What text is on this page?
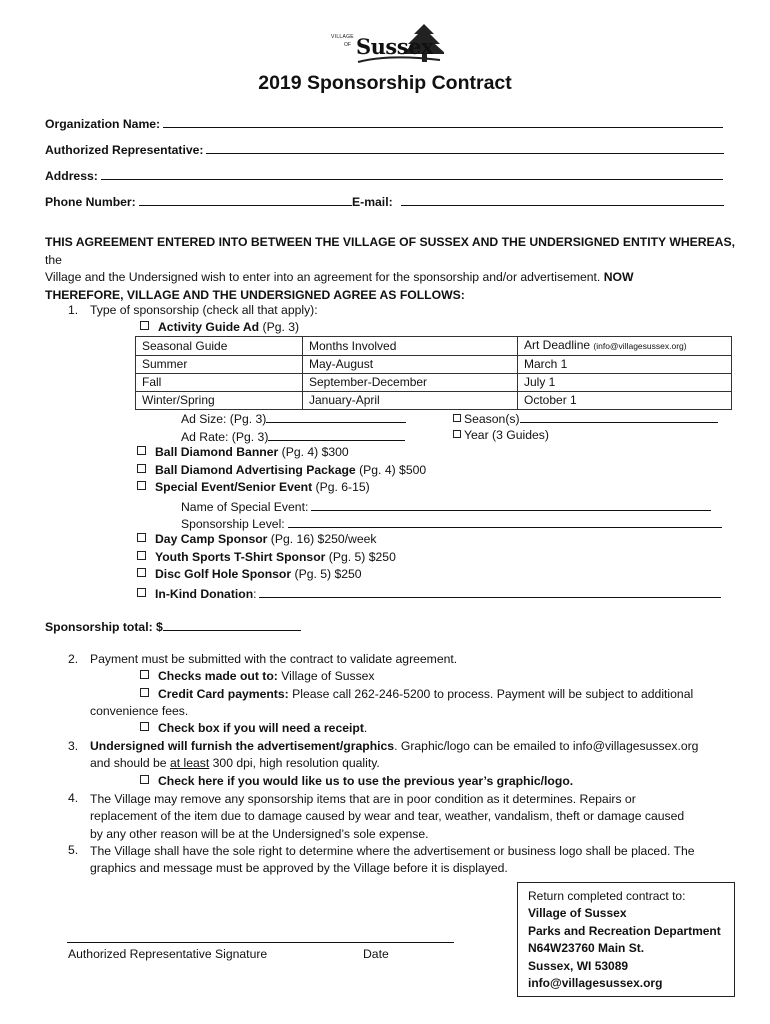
VILLAGE
OF Sussex
2019 Sponsorship Contract
Organization Name:
Authorized Representative:
Address:
Phone Number:	E-mail:
THIS AGREEMENT ENTERED INTO BETWEEN THE VILLAGE OF SUSSEX AND THE UNDERSIGNED ENTITY WHEREAS, the
Village and the Undersigned wish to enter into an agreement for the sponsorship and/or advertisement. NOW
THEREFORE, VILLAGE AND THE UNDERSIGNED AGREE AS FOLLOWS:
1. Type of sponsorship (check all that apply):
Activity Guide Ad (Pg. 3)
Seasonal Guide	Months Involved	Art Deadline (info@villagesussex.org)
Summer	May-August	March 1
Fall	September-December	July 1
Winter/Spring	January-April	October 1
Ad Size: (Pg. 3)
Ad Rate: (Pg. 3)
Season(s)
Year (3 Guides)
Ball Diamond Banner (Pg. 4) $300
Ball Diamond Advertising Package (Pg. 4) $500
Special Event/Senior Event (Pg. 6-15)
Name of Special Event:
Sponsorship Level:
Day Camp Sponsor (Pg. 16) $250/week
Youth Sports T-Shirt Sponsor (Pg. 5) $250
Disc Golf Hole Sponsor (Pg. 5) $250
In-Kind Donation:
Sponsorship total: $
2. Payment must be submitted with the contract to validate agreement.
Checks made out to: Village of Sussex
Credit Card payments: Please call 262-246-5200 to process. Payment will be subject to additional
convenience fees.
Check box if you will need a receipt.
3. Undersigned will furnish the advertisement/graphics. Graphic/logo can be emailed to info@villagesussex.org
and should be at least 300 dpi, high resolution quality.
Check here if you would like us to use the previous year’s graphic/logo.
4. The Village may remove any sponsorship items that are in poor condition as it determines. Repairs or
replacement of the item due to damage caused by wear and tear, weather, vandalism, theft or damage caused
by any other reason will be at the Undersigned’s sole expense.
5. The Village shall have the sole right to determine where the advertisement or business logo shall be placed. The
graphics and message must be approved by the Village before it is displayed.
Return completed contract to:
Village of Sussex
Parks and Recreation Department
N64W23760 Main St.
Sussex, WI 53089
info@villagesussex.org
Authorized Representative Signature	Date
